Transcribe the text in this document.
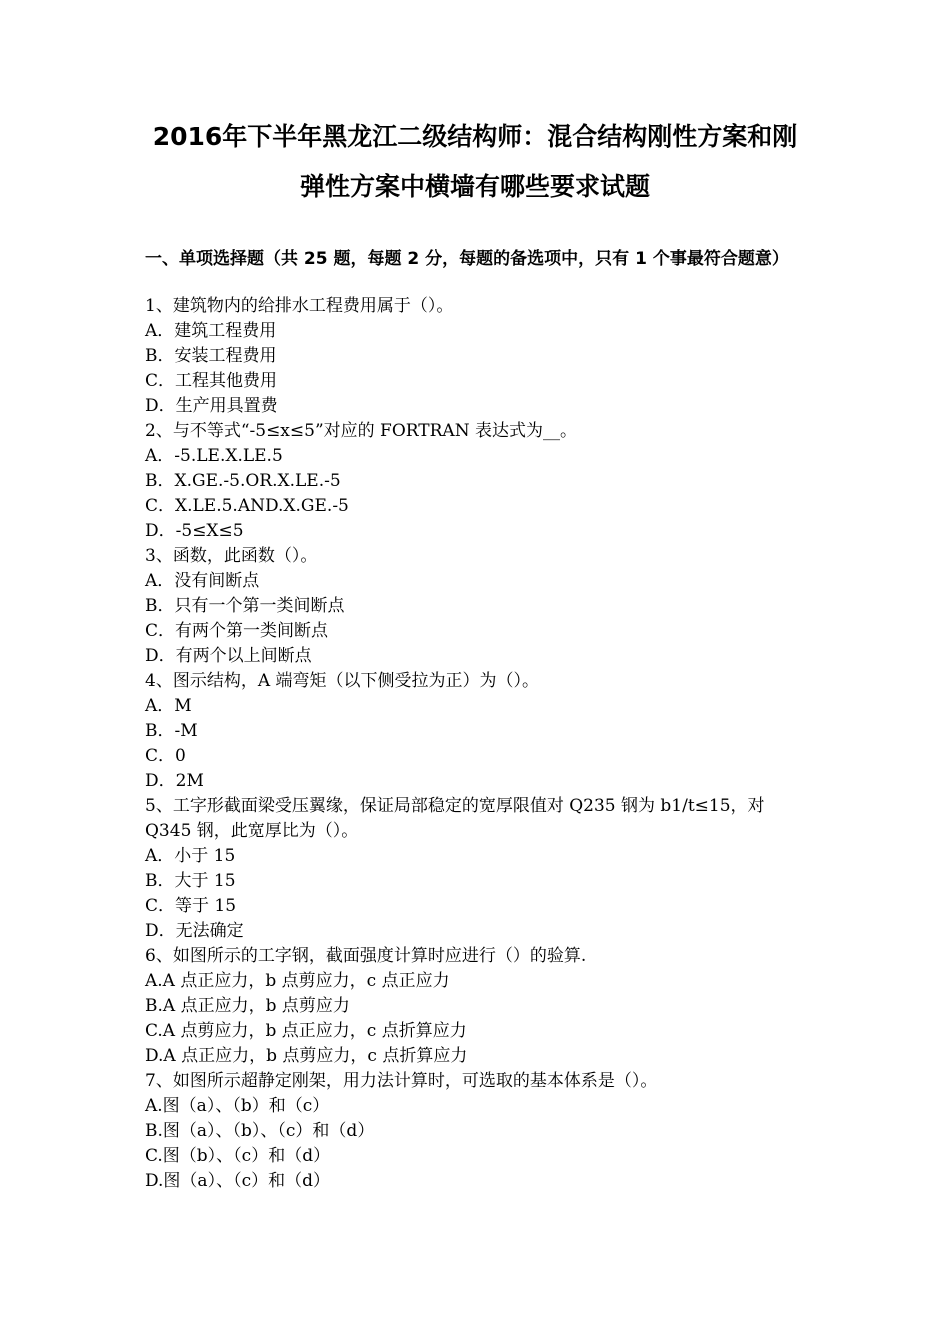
2016年下半年黑龙江二级结构师：混合结构刚性方案和刚
弹性方案中横墙有哪些要求试题
一、单项选择题（共 25 题，每题 2 分，每题的备选项中，只有 1 个事最符合题意）
1、建筑物内的给排水工程费用属于（）。
A．建筑工程费用
B．安装工程费用
C．工程其他费用
D．生产用具置费
2、与不等式“-5≤x≤5”对应的 FORTRAN 表达式为__。
A．-5.LE.X.LE.5
B．X.GE.-5.OR.X.LE.-5
C．X.LE.5.AND.X.GE.-5
D．-5≤X≤5
3、函数，此函数（）。
A．没有间断点
B．只有一个第一类间断点
C．有两个第一类间断点
D．有两个以上间断点
4、图示结构，A 端弯矩（以下侧受拉为正）为（）。
A．M
B．-M
C．0
D．2M
5、工字形截面梁受压翼缘，保证局部稳定的宽厚限值对 Q235 钢为 b1/t≤15，对
Q345 钢，此宽厚比为（）。
A．小于 15
B．大于 15
C．等于 15
D．无法确定
6、如图所示的工字钢，截面强度计算时应进行（）的验算.
A.A 点正应力，b 点剪应力，c 点正应力
B.A 点正应力，b 点剪应力
C.A 点剪应力，b 点正应力，c 点折算应力
D.A 点正应力，b 点剪应力，c 点折算应力
7、如图所示超静定刚架，用力法计算时，可选取的基本体系是（）。
A.图（a）、（b）和（c）
B.图（a）、（b）、（c）和（d）
C.图（b）、（c）和（d）
D.图（a）、（c）和（d）
